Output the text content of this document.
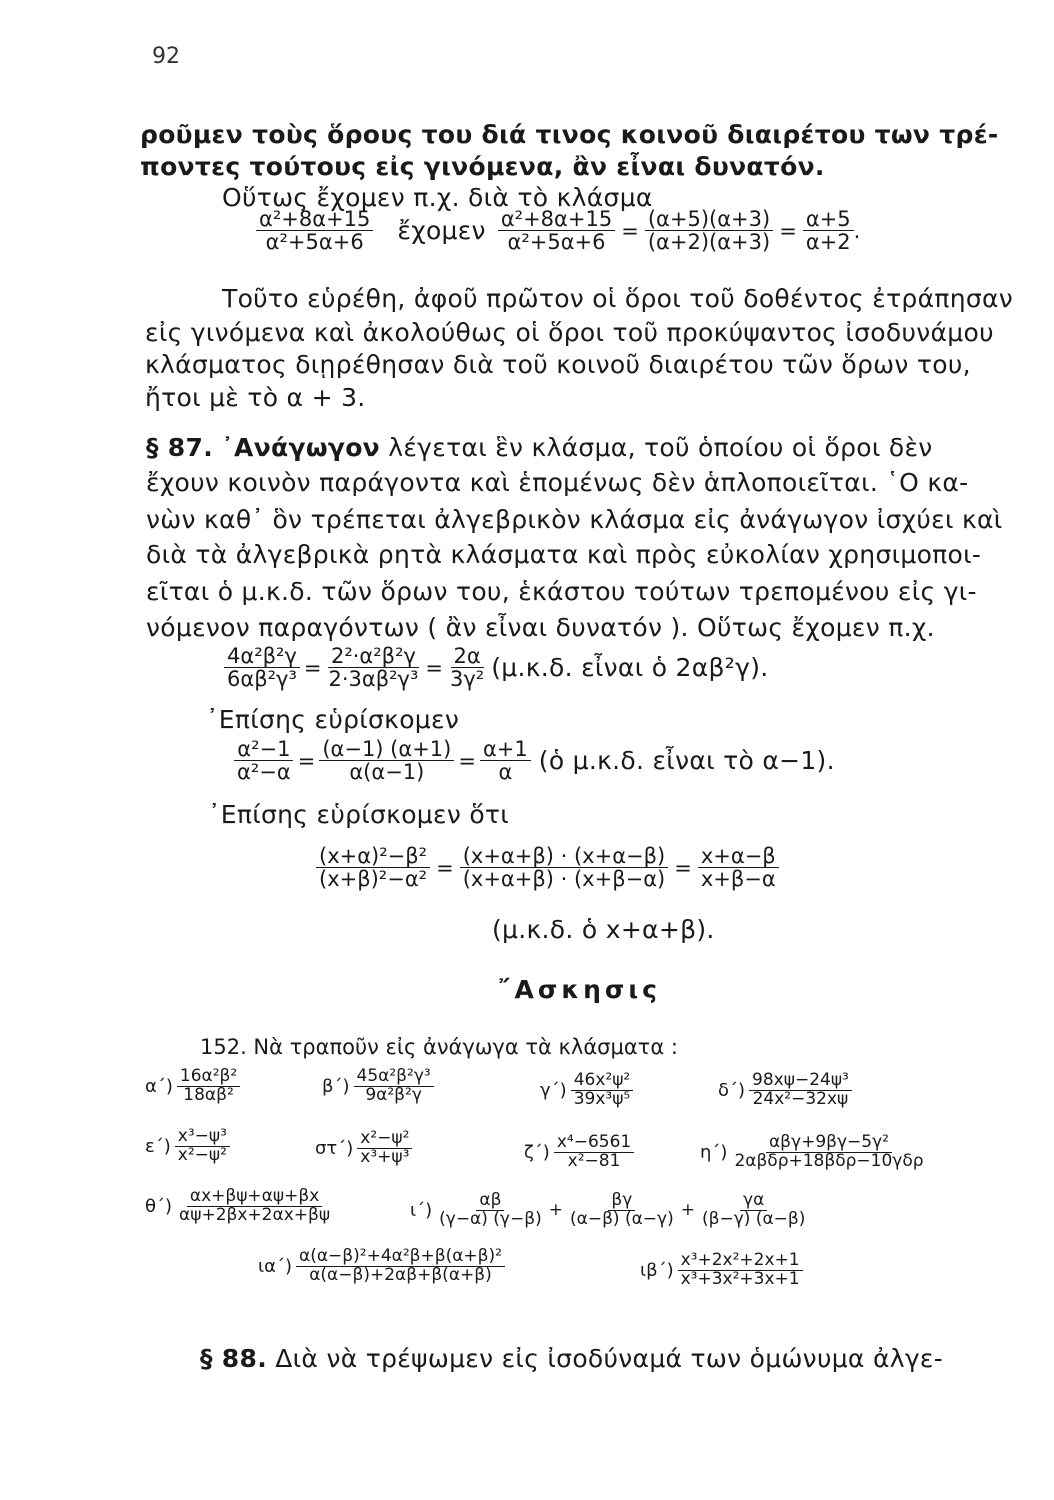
92
ροῦμεν τοὺς ὅρους του διά τινος κοινοῦ διαιρέτου των τρέ-
ποντες τούτους εἰς γινόμενα, ἂν εἶναι δυνατόν.
Οὕτως ἔχομεν π.χ. διὰ τὸ κλάσμα
$\frac{\text{α²+8α+15}}{\text{α²+5α+6}}$ ἔχομεν $\frac{\text{α²+8α+15}}{\text{α²+5α+6}} = \frac{(\alpha+5)(\alpha+3)}{(\alpha+2)(\alpha+3)} = \frac{\alpha+5}{\alpha+2}$ .
Τοῦτο εὑρέθη, ἀφοῦ πρῶτον οἱ ὅροι τοῦ δοθέντος ἐτράπησαν
εἰς γινόμενα καὶ ἀκολούθως οἱ ὅροι τοῦ προκύψαντος ἰσοδυνάμου
κλάσματος διῃρέθησαν διὰ τοῦ κοινοῦ διαιρέτου τῶν ὅρων του,
ἤτοι μὲ τὸ α + 3.
§ 87. ᾿Ανάγωγον λέγεται ἓν κλάσμα, τοῦ ὁποίου οἱ ὅροι δὲν
ἔχουν κοινὸν παράγοντα καὶ ἑπομένως δὲν ἁπλοποιεῖται. ῾Ο κα-
νὼν καθ᾿ ὃν τρέπεται ἀλγεβρικὸν κλάσμα εἰς ἀνάγωγον ἰσχύει καὶ
διὰ τὰ ἀλγεβρικὰ ρητὰ κλάσματα καὶ πρὸς εὐκολίαν χρησιμοποι-
εῖται ὁ μ.κ.δ. τῶν ὅρων του, ἑκάστου τούτων τρεπομένου εἰς γι-
νόμενον παραγόντων ( ἂν εἶναι δυνατόν ). Οὕτως ἔχομεν π.χ.
$\frac{\text{4α²β²γ}}{\text{6αβ²γ³}} = \frac{\text{2²·α²β²γ}}{\text{2·3αβ²γ³}} = \frac{2\alpha}{\text{3γ²}} (\mu.\kappa.\delta$. εἶναι ὁ 2αβ²γ).
᾿Επίσης εὑρίσκομεν
$\frac{\text{α²−1}}{\text{α²−α}} = \frac{(\alpha-1) (\alpha+1)}{\alpha(\alpha-1)} = \frac{\alpha+1}{\alpha}$ (ὁ μ.κ.δ. εἶναι τὸ α−1).
᾿Επίσης εὑρίσκομεν ὅτι
$\frac{\text{(x+α)²−β²}}{\text{(x+β)²−α²}} = \frac{(x+\alpha+\beta) \cdot (x+\alpha-\beta)}{(x+\alpha+\beta) \cdot (x+\beta-\alpha)} = \frac{x+\alpha-\beta}{x+\beta-\alpha}$
(μ.κ.δ. ὁ x+α+β).
῎Ασκησις
152. Νὰ τραποῦν εἰς ἀνάγωγα τὰ κλάσματα :
$\alpha΄) \frac{\text{16α²β²}}{\text{18αβ²}}$	$\beta΄) \frac{\text{45α²β²γ³}}{\text{9α²β²γ}}$	$\gamma΄) \frac{\text{46x²ψ²}}{\text{39x³ψ⁵}}$	$\delta΄) \frac{\text{98xψ−24ψ³}}{\text{24x²−32xψ}}$
$\varepsilon΄) \frac{\text{x³−ψ³}}{\text{x²−ψ²}}$	$\sigma\tau΄) \frac{\text{x²−ψ²}}{\text{x³+ψ³}}$	$\zeta΄) \frac{\text{x⁴−6561}}{\text{x²−81}}$	$\eta΄) \frac{\text{αβγ+9βγ−5γ²}}{\text{2αβδρ+18βδρ−10γδρ}}$
$\theta΄) \frac{\alpha x+\beta\psi+\alpha\psi+\beta x}{\alpha\psi+2\beta x+2\alpha x+\beta\psi}$	$\iota΄) \frac{\alpha\beta}{(\gamma-\alpha) (\gamma-\beta)} + \frac{\beta\gamma}{(\alpha-\beta) (\alpha-\gamma)} + \frac{\gamma\alpha}{(\beta-\gamma) (\alpha-\beta)}$
$\iota\alpha΄) \frac{\text{α(α−β)²+4α²β+β(α+β)²}}{\alpha(\alpha-\beta)+2\alpha\beta+\beta(\alpha+\beta)}$	$\iota\beta΄) \frac{\text{x³+2x²+2x+1}}{\text{x³+3x²+3x+1}}$
§ 88. Διὰ νὰ τρέψωμεν εἰς ἰσοδύναμά των ὁμώνυμα ἀλγε-
